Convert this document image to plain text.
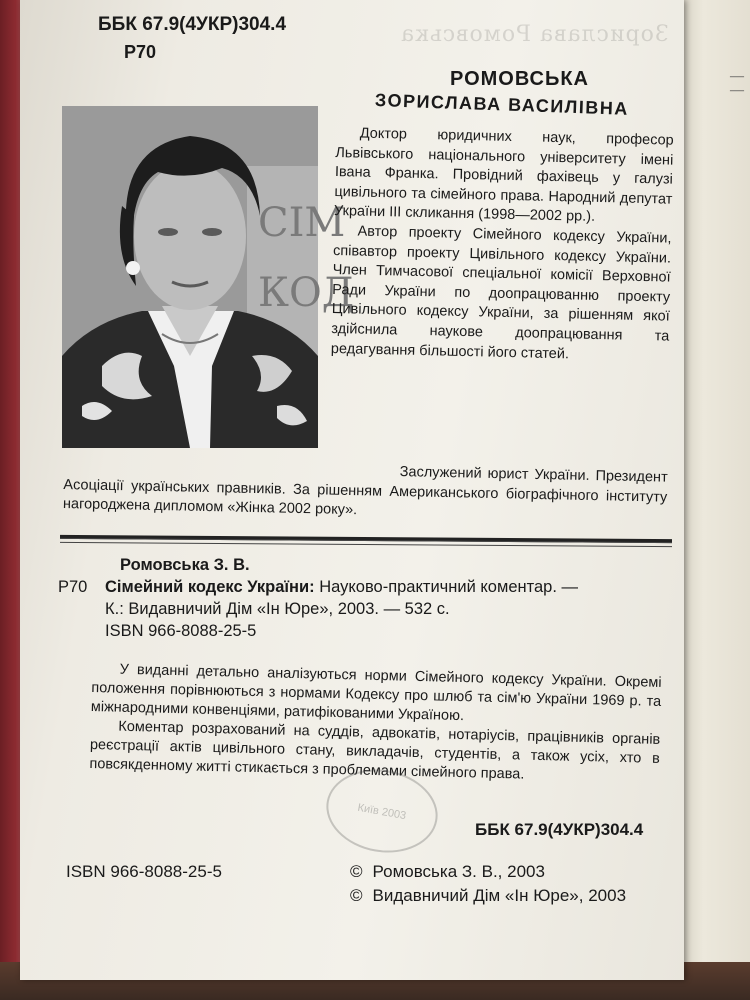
—
—
Зорислава Ромовська
ББК 67.9(4УКР)304.4
Р70
РОМОВСЬКА
ЗОРИСЛАВА ВАСИЛІВНА
СІМ
КОД

Доктор юридичних наук, професор Львівського національного університету імені Івана Франка. Провідний фахівець у галузі цивільного та сімейного права. Народний депутат України III скликання (1998—2002 рр.).

Автор проекту Сімейного кодексу України, співавтор проекту Цивільного кодексу України. Член Тимчасової спеціальної комісії Верховної Ради України по доопрацюванню проекту Цивільного кодексу України, за рішенням якої здійснила наукове доопрацювання та редагування більшості його статей.

Заслужений юрист України. Президент Асоціації українських правників. За рішенням Американського біографічного інституту нагороджена дипломом «Жінка 2002 року».
Ромовська З. В.
Р70 Сімейний кодекс України: Науково-практичний коментар. —
К.: Видавничий Дім «Ін Юре», 2003. — 532 с.
ISBN 966-8088-25-5

У виданні детально аналізуються норми Сімейного кодексу України. Окремі положення порівнюються з нормами Кодексу про шлюб та сім'ю України 1969 р. та міжнародними конвенціями, ратифікованими Україною.

Коментар розрахований на суддів, адвокатів, нотаріусів, працівників органів реєстрації актів цивільного стану, викладачів, студентів, а також усіх, хто в повсякденному житті стикається з проблемами сімейного права.

Київ 2003
ББК 67.9(4УКР)304.4
ISBN 966-8088-25-5	© Ромовська З. В., 2003
© Видавничий Дім «Ін Юре», 2003
